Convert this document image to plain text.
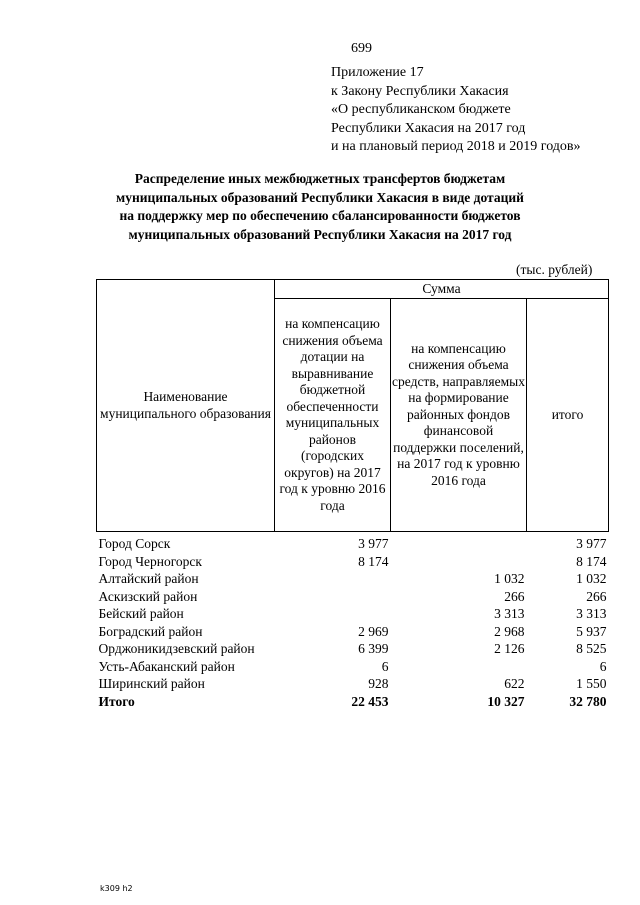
699
Приложение 17
к Закону Республики Хакасия
«О республиканском бюджете
Республики Хакасия на 2017 год
и на плановый период 2018 и 2019 годов»
Распределение иных межбюджетных трансфертов бюджетам
муниципальных образований Республики Хакасия в виде дотаций
на поддержку мер по обеспечению сбалансированности бюджетов
муниципальных образований Республики Хакасия на 2017 год
(тыс. рублей)
Наименование муниципального образования	Сумма		
	на компенсацию снижения объема дотации на выравнивание бюджетной обеспеченности муниципальных районов (городских округов) на 2017 год к уровню 2016 года	на компенсацию снижения объема средств, направляемых на формирование районных фондов финансовой поддержки поселений, на 2017 год к уровню 2016 года	итого
Город Сорск	3 977		3 977
Город Черногорск	8 174		8 174
Алтайский район		1 032	1 032
Аскизский район		266	266
Бейский район		3 313	3 313
Боградский район	2 969	2 968	5 937
Орджоникидзевский район	6 399	2 126	8 525
Усть-Абаканский район	6		6
Ширинский район	928	622	1 550
Итого	22 453	10 327	32 780
k309 h2
